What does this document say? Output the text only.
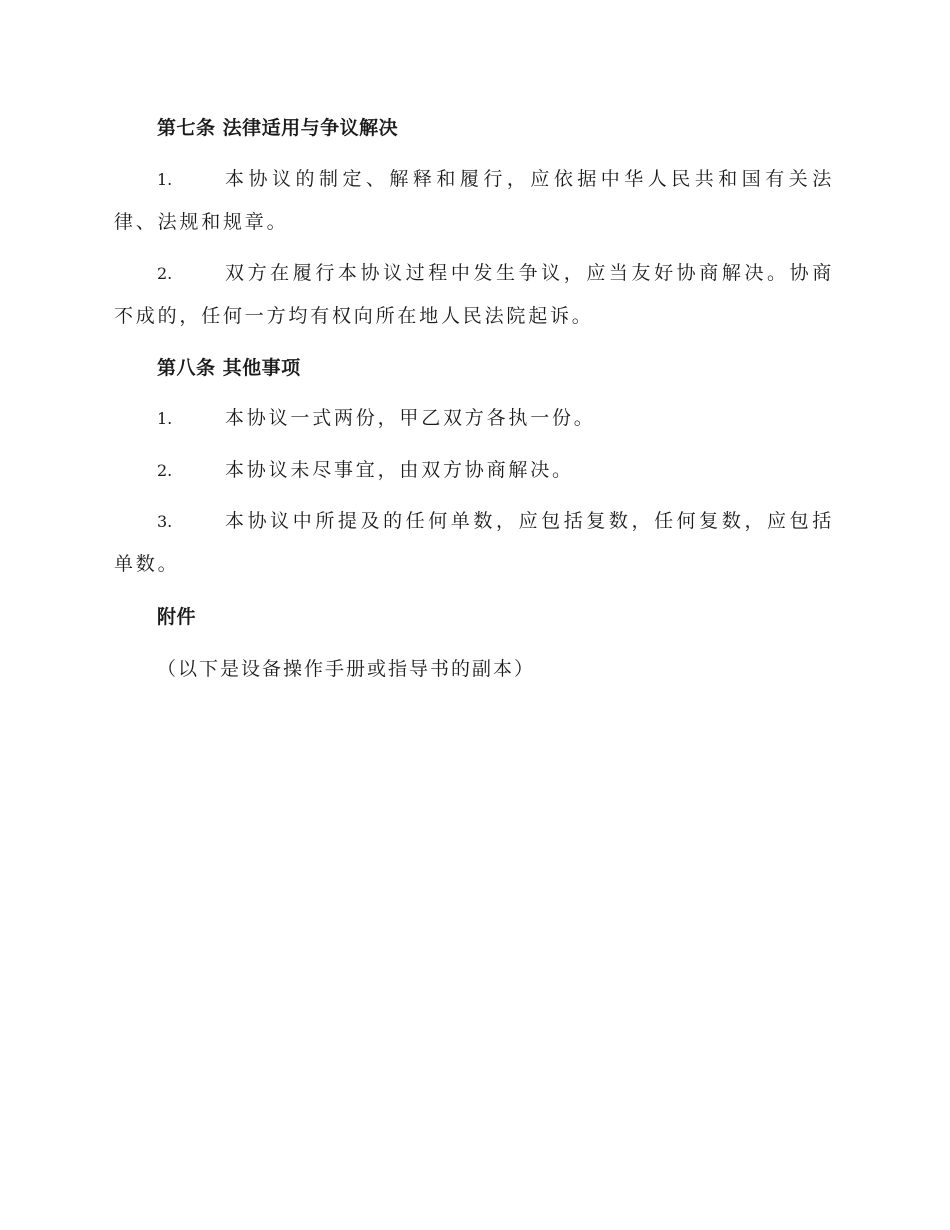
第七条 法律适用与争议解决
1.	本协议的制定、解释和履行，应依据中华人民共和国有关法律、法规和规章。
2.	双方在履行本协议过程中发生争议，应当友好协商解决。协商不成的，任何一方均有权向所在地人民法院起诉。
第八条 其他事项
1.	本协议一式两份，甲乙双方各执一份。
2.	本协议未尽事宜，由双方协商解决。
3.	本协议中所提及的任何单数，应包括复数，任何复数，应包括单数。
附件
（以下是设备操作手册或指导书的副本）
